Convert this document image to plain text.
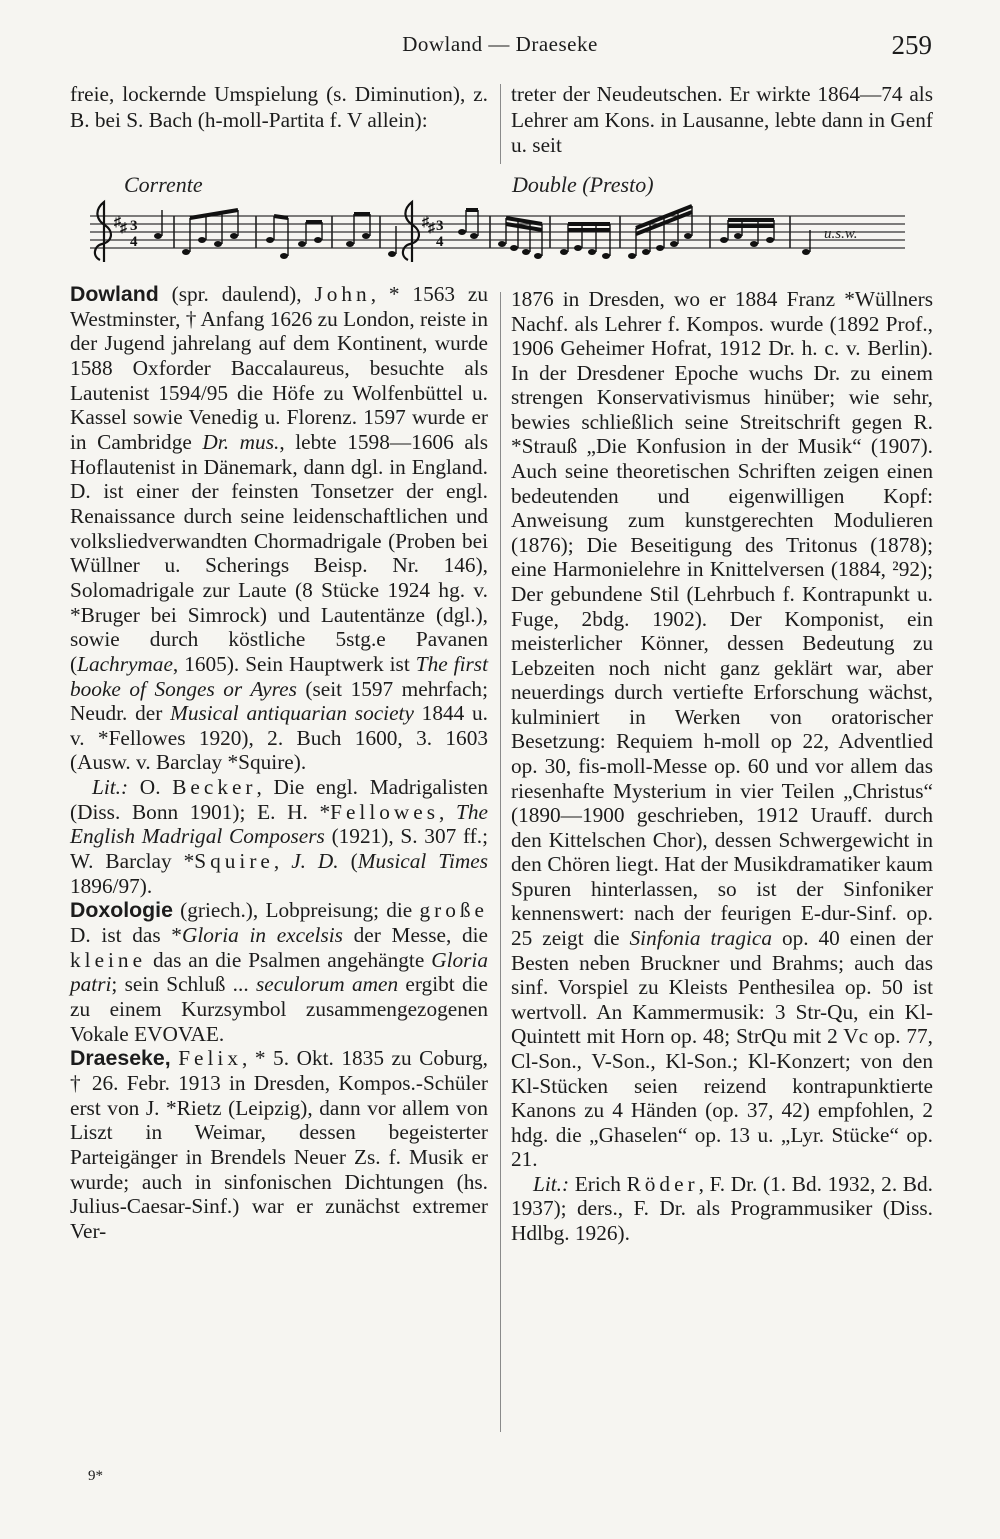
Dowland — Draeseke	259

freie, lockernde Umspielung (s. Diminution), z. B. bei S. Bach (h-moll-Partita f. V allein):

treter der Neudeutschen. Er wirkte 1864—74 als Lehrer am Kons. in Lausanne, lebte dann in Genf u. seit

Corrente	Double (Presto)
♯ ♯ 3
4
♯ ♯ 3
4	u.s.w.

Dowland (spr. daulend), John, * 1563 zu Westminster, † Anfang 1626 zu London, reiste in der Jugend jahrelang auf dem Kontinent, wurde 1588 Oxforder Baccalaureus, besuchte als Lautenist 1594/95 die Höfe zu Wolfenbüttel u. Kassel sowie Venedig u. Florenz. 1597 wurde er in Cambridge Dr. mus., lebte 1598—1606 als Hoflautenist in Dänemark, dann dgl. in England. D. ist einer der feinsten Tonsetzer der engl. Renaissance durch seine leidenschaftlichen und volksliedverwandten Chormadrigale (Proben bei Wüllner u. Scherings Beisp. Nr. 146), Solomadrigale zur Laute (8 Stücke 1924 hg. v. *Bruger bei Simrock) und Lautentänze (dgl.), sowie durch köstliche 5stg.e Pavanen (Lachrymae, 1605). Sein Hauptwerk ist The first booke of Songes or Ayres (seit 1597 mehrfach; Neudr. der Musical antiquarian society 1844 u. v. *Fellowes 1920), 2. Buch 1600, 3. 1603 (Ausw. v. Barclay *Squire).

Lit.: O. Becker, Die engl. Madrigalisten (Diss. Bonn 1901); E. H. *Fellowes, The English Madrigal Composers (1921), S. 307 ff.; W. Barclay *Squire, J. D. (Musical Times 1896/97).

Doxologie (griech.), Lobpreisung; die große D. ist das *Gloria in excelsis der Messe, die kleine das an die Psalmen angehängte Gloria patri; sein Schluß ... seculorum amen ergibt die zu einem Kurzsymbol zusammengezogenen Vokale EVOVAE.

Draeseke, Felix, * 5. Okt. 1835 zu Coburg, † 26. Febr. 1913 in Dresden, Kompos.-Schüler erst von J. *Rietz (Leipzig), dann vor allem von Liszt in Weimar, dessen begeisterter Parteigänger in Brendels Neuer Zs. f. Musik er wurde; auch in sinfonischen Dichtungen (hs. Julius-Caesar-Sinf.) war er zunächst extremer Ver-

1876 in Dresden, wo er 1884 Franz *Wüllners Nachf. als Lehrer f. Kompos. wurde (1892 Prof., 1906 Geheimer Hofrat, 1912 Dr. h. c. v. Berlin). In der Dresdener Epoche wuchs Dr. zu einem strengen Konservativismus hinüber; wie sehr, bewies schließlich seine Streitschrift gegen R. *Strauß „Die Konfusion in der Musik“ (1907). Auch seine theoretischen Schriften zeigen einen bedeutenden und eigenwilligen Kopf: Anweisung zum kunstgerechten Modulieren (1876); Die Beseitigung des Tritonus (1878); eine Harmonielehre in Knittelversen (1884, ²92); Der gebundene Stil (Lehrbuch f. Kontrapunkt u. Fuge, 2bdg. 1902). Der Komponist, ein meisterlicher Könner, dessen Bedeutung zu Lebzeiten noch nicht ganz geklärt war, aber neuerdings durch vertiefte Erforschung wächst, kulminiert in Werken von oratorischer Besetzung: Requiem h-moll op 22, Adventlied op. 30, fis-moll-Messe op. 60 und vor allem das riesenhafte Mysterium in vier Teilen „Christus“ (1890—1900 geschrieben, 1912 Urauff. durch den Kittelschen Chor), dessen Schwergewicht in den Chören liegt. Hat der Musikdramatiker kaum Spuren hinterlassen, so ist der Sinfoniker kennenswert: nach der feurigen E-dur-Sinf. op. 25 zeigt die Sinfonia tragica op. 40 einen der Besten neben Bruckner und Brahms; auch das sinf. Vorspiel zu Kleists Penthesilea op. 50 ist wertvoll. An Kammermusik: 3 Str-Qu, ein Kl-Quintett mit Horn op. 48; StrQu mit 2 Vc op. 77, Cl-Son., V-Son., Kl-Son.; Kl-Konzert; von den Kl-Stücken seien reizend kontrapunktierte Kanons zu 4 Händen (op. 37, 42) empfohlen, 2 hdg. die „Ghaselen“ op. 13 u. „Lyr. Stücke“ op. 21.

Lit.: Erich Röder, F. Dr. (1. Bd. 1932, 2. Bd. 1937); ders., F. Dr. als Programmusiker (Diss. Hdlbg. 1926).

9*
